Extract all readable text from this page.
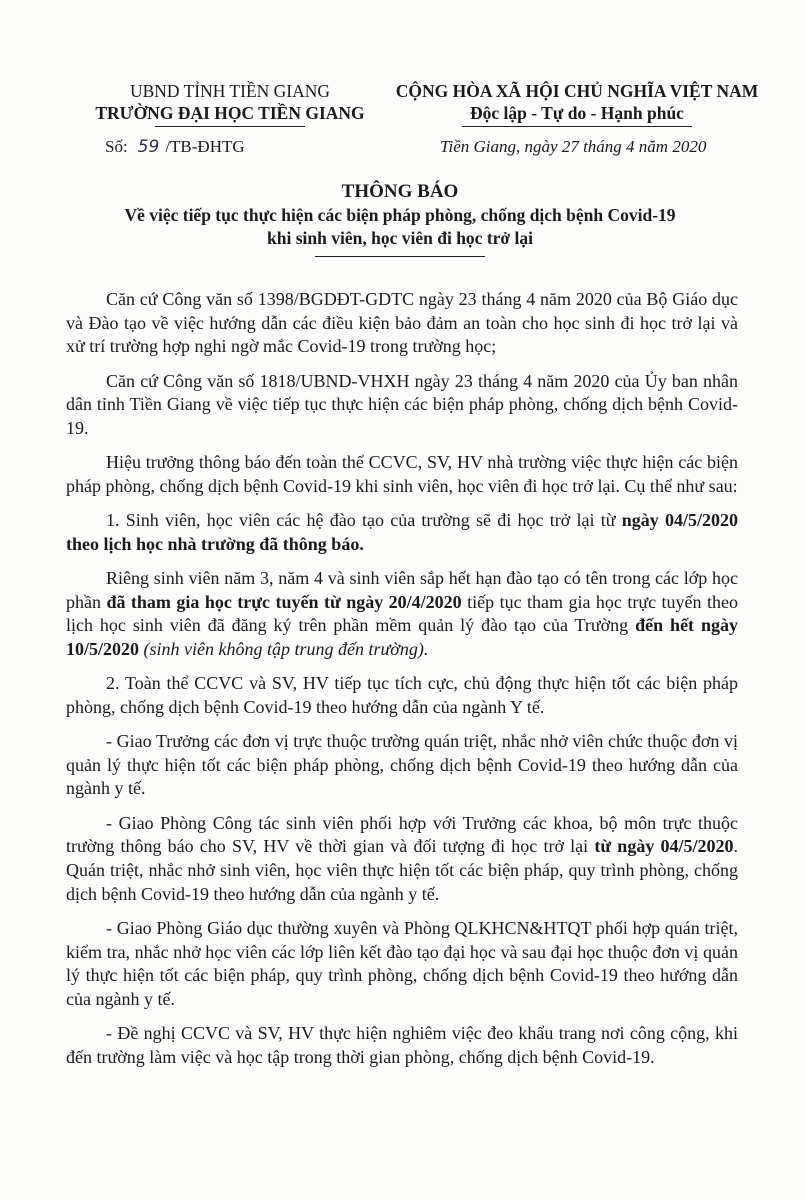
UBND TỈNH TIỀN GIANG
TRƯỜNG ĐẠI HỌC TIỀN GIANG
CỘNG HÒA XÃ HỘI CHỦ NGHĨA VIỆT NAM
Độc lập - Tự do - Hạnh phúc
Số: 59 /TB-ĐHTG	Tiền Giang, ngày 27 tháng 4 năm 2020
THÔNG BÁO
Về việc tiếp tục thực hiện các biện pháp phòng, chống dịch bệnh Covid-19
khi sinh viên, học viên đi học trở lại

Căn cứ Công văn số 1398/BGDĐT-GDTC ngày 23 tháng 4 năm 2020 của Bộ Giáo dục và Đào tạo về việc hướng dẫn các điều kiện bảo đảm an toàn cho học sinh đi học trở lại và xử trí trường hợp nghi ngờ mắc Covid-19 trong trường học;

Căn cứ Công văn số 1818/UBND-VHXH ngày 23 tháng 4 năm 2020 của Ủy ban nhân dân tỉnh Tiền Giang về việc tiếp tục thực hiện các biện pháp phòng, chống dịch bệnh Covid-19.

Hiệu trưởng thông báo đến toàn thể CCVC, SV, HV nhà trường việc thực hiện các biện pháp phòng, chống dịch bệnh Covid-19 khi sinh viên, học viên đi học trở lại. Cụ thể như sau:

1. Sinh viên, học viên các hệ đào tạo của trường sẽ đi học trở lại từ ngày 04/5/2020 theo lịch học nhà trường đã thông báo.

Riêng sinh viên năm 3, năm 4 và sinh viên sắp hết hạn đào tạo có tên trong các lớp học phần đã tham gia học trực tuyến từ ngày 20/4/2020 tiếp tục tham gia học trực tuyến theo lịch học sinh viên đã đăng ký trên phần mềm quản lý đào tạo của Trường đến hết ngày 10/5/2020 (sinh viên không tập trung đến trường).

2. Toàn thể CCVC và SV, HV tiếp tục tích cực, chủ động thực hiện tốt các biện pháp phòng, chống dịch bệnh Covid-19 theo hướng dẫn của ngành Y tế.

- Giao Trưởng các đơn vị trực thuộc trường quán triệt, nhắc nhở viên chức thuộc đơn vị quản lý thực hiện tốt các biện pháp phòng, chống dịch bệnh Covid-19 theo hướng dẫn của ngành y tế.

- Giao Phòng Công tác sinh viên phối hợp với Trưởng các khoa, bộ môn trực thuộc trường thông báo cho SV, HV về thời gian và đối tượng đi học trở lại từ ngày 04/5/2020. Quán triệt, nhắc nhở sinh viên, học viên thực hiện tốt các biện pháp, quy trình phòng, chống dịch bệnh Covid-19 theo hướng dẫn của ngành y tế.

- Giao Phòng Giáo dục thường xuyên và Phòng QLKHCN&HTQT phối hợp quán triệt, kiểm tra, nhắc nhở học viên các lớp liên kết đào tạo đại học và sau đại học thuộc đơn vị quản lý thực hiện tốt các biện pháp, quy trình phòng, chống dịch bệnh Covid-19 theo hướng dẫn của ngành y tế.

- Đề nghị CCVC và SV, HV thực hiện nghiêm việc đeo khẩu trang nơi công cộng, khi đến trường làm việc và học tập trong thời gian phòng, chống dịch bệnh Covid-19.
